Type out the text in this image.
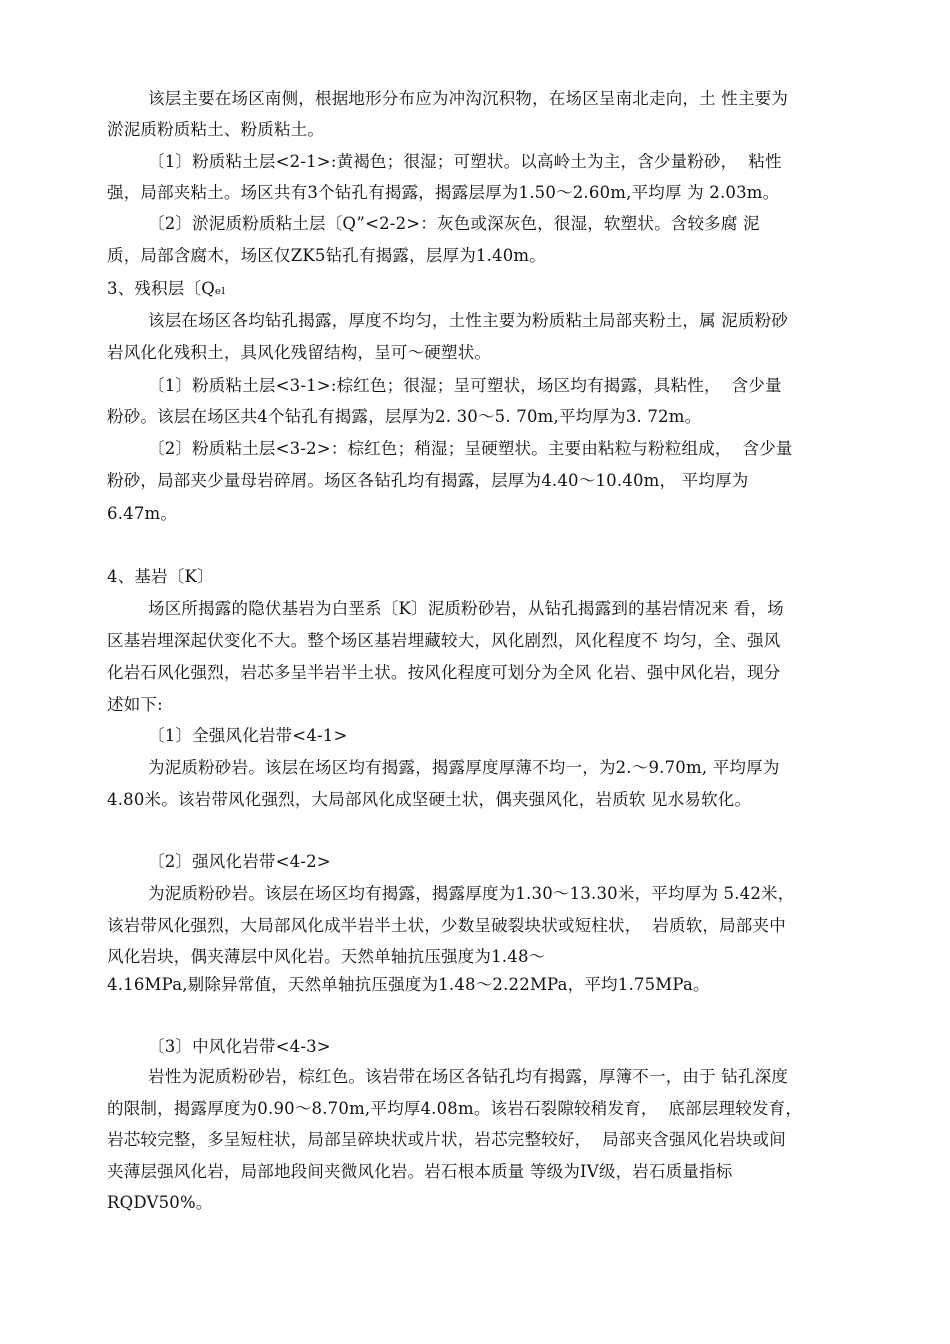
该层主要在场区南侧，根据地形分布应为冲沟沉积物，在场区呈南北走向，土 性主要为
淤泥质粉质粘土、粉质粘土。
〔1〕粉质粘土层<2-1>:黄褐色；很湿；可塑状。以高岭土为主，含少量粉砂，  粘性
强，局部夹粘土。场区共有3个钻孔有揭露，揭露层厚为1.50〜2.60m,平均厚 为 2.03m。
〔2〕淤泥质粉质粘土层〔Q”<2-2>：灰色或深灰色，很湿，软塑状。含较多腐 泥
质，局部含腐木，场区仅ZK5钻孔有揭露，层厚为1.40m。
3、残积层〔Qₑₗ
该层在场区各均钻孔揭露，厚度不均匀，土性主要为粉质粘土局部夹粉土，属 泥质粉砂
岩风化化残积土，具风化残留结构，呈可〜硬塑状。
〔1〕粉质粘土层<3-1>:棕红色；很湿；呈可塑状，场区均有揭露，具粘性，  含少量
粉砂。该层在场区共4个钻孔有揭露，层厚为2. 30〜5. 70m,平均厚为3. 72m。
〔2〕粉质粘土层<3-2>：棕红色；稍湿；呈硬塑状。主要由粘粒与粉粒组成，  含少量
粉砂，局部夹少量母岩碎屑。场区各钻孔均有揭露，层厚为4.40〜10.40m， 平均厚为
6.47m。
4、基岩〔K〕
场区所揭露的隐伏基岩为白垩系〔K〕泥质粉砂岩，从钻孔揭露到的基岩情况来 看，场
区基岩埋深起伏变化不大。整个场区基岩埋藏较大，风化剧烈，风化程度不 均匀，全、强风
化岩石风化强烈，岩芯多呈半岩半土状。按风化程度可划分为全风 化岩、强中风化岩，现分
述如下:
〔1〕全强风化岩带<4-1>
为泥质粉砂岩。该层在场区均有揭露，揭露厚度厚薄不均一，为2.〜9.70m, 平均厚为
4.80米。该岩带风化强烈，大局部风化成坚硬土状，偶夹强风化，岩质软 见水易软化。
〔2〕强风化岩带<4-2>
为泥质粉砂岩。该层在场区均有揭露，揭露厚度为1.30〜13.30米，平均厚为 5.42米，
该岩带风化强烈，大局部风化成半岩半土状，少数呈破裂块状或短柱状，  岩质软，局部夹中
风化岩块，偶夹薄层中风化岩。天然单轴抗压强度为1.48〜
4.16MPa,剔除异常值，天然单轴抗压强度为1.48〜2.22MPa，平均1.75MPa。
〔3〕中风化岩带<4-3>
岩性为泥质粉砂岩，棕红色。该岩带在场区各钻孔均有揭露，厚簿不一，由于 钻孔深度
的限制，揭露厚度为0.90〜8.70m,平均厚4.08m。该岩石裂隙较稍发育，  底部层理较发育，
岩芯较完整，多呈短柱状，局部呈碎块状或片状，岩芯完整较好，  局部夹含强风化岩块或间
夹薄层强风化岩，局部地段间夹微风化岩。岩石根本质量 等级为IV级，岩石质量指标
RQDV50%。
